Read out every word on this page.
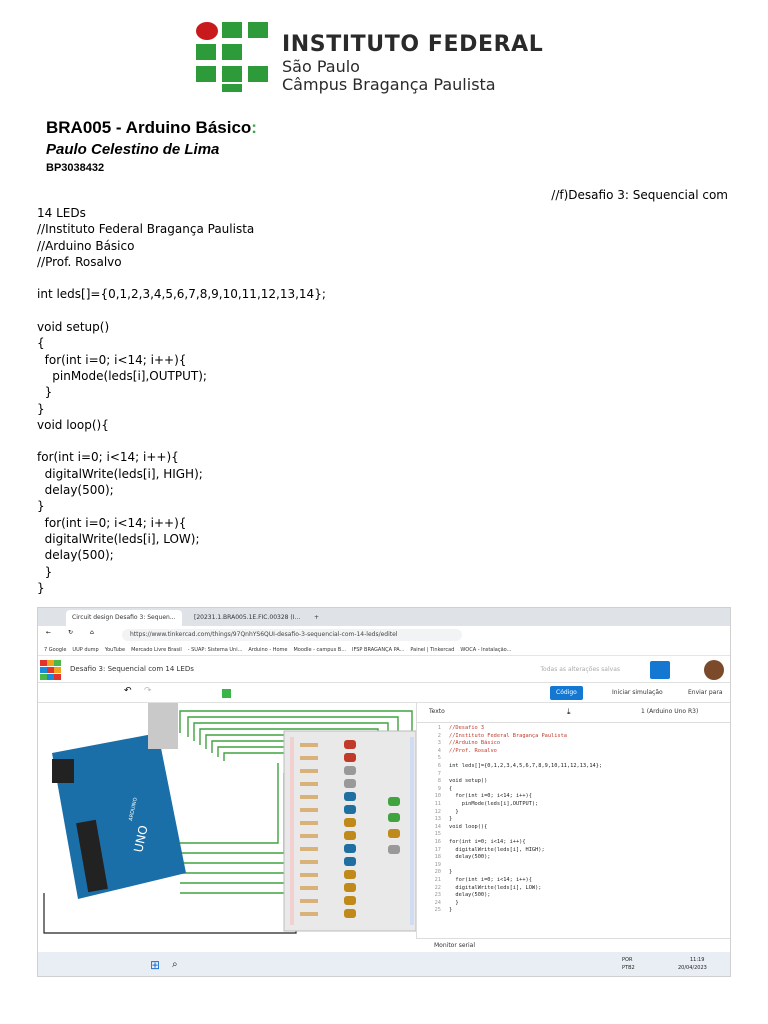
INSTITUTO FEDERAL
São Paulo
Câmpus Bragança Paulista
BRA005 - Arduino Básico:
Paulo Celestino de Lima
BP3038432
//f)Desafio 3: Sequencial com
14 LEDs
//Instituto Federal Bragança Paulista
//Arduino Básico
//Prof. Rosalvo

int leds[]={0,1,2,3,4,5,6,7,8,9,10,11,12,13,14};

void setup()
{
for(int i=0; i<14; i++){
pinMode(leds[i],OUTPUT);
}
}
void loop(){

for(int i=0; i<14; i++){
digitalWrite(leds[i], HIGH);
delay(500);
}
for(int i=0; i<14; i++){
digitalWrite(leds[i], LOW);
delay(500);
}
}
Circuit design Desafio 3: Sequen...	[20231.1.BRA005.1E.FIC.00328 (I...	+
←	↻	⌂	https://www.tinkercad.com/things/97QnhYS6QUI-desafio-3-sequencial-com-14-leds/editel
7 Google UUP dump YouTube Mercado Livre Brasil - SUAP: Sistema Uni... Arduino - Home Moodle - campus B... IFSP BRAGANÇA PA... Painel | Tinkercad WOCA - Instalação...
Desafio 3: Sequencial com 14 LEDs	Todas as alterações salvas
↶ ↷	Código	Iniciar simulação	Enviar para
UNO
ARDUINO
Texto	⤓	1 (Arduino Uno R3)
1 //Desafio 3
2 //Instituto Federal Bragança Paulista
3 //Arduino Básico
4 //Prof. Rosalvo
5
6 int leds[]={0,1,2,3,4,5,6,7,8,9,10,11,12,13,14};
7
8 void setup()
9 {
10 for(int i=0; i<14; i++){
11 pinMode(leds[i],OUTPUT);
12 }
13 }
14 void loop(){
15
16 for(int i=0; i<14; i++){
17 digitalWrite(leds[i], HIGH);
18 delay(500);
19
20 }
21 for(int i=0; i<14; i++){
22 digitalWrite(leds[i], LOW);
23 delay(500);
24 }
25 }
Monitor serial
⊞ ⌕	POR
PTB2
11:19
20/04/2023
